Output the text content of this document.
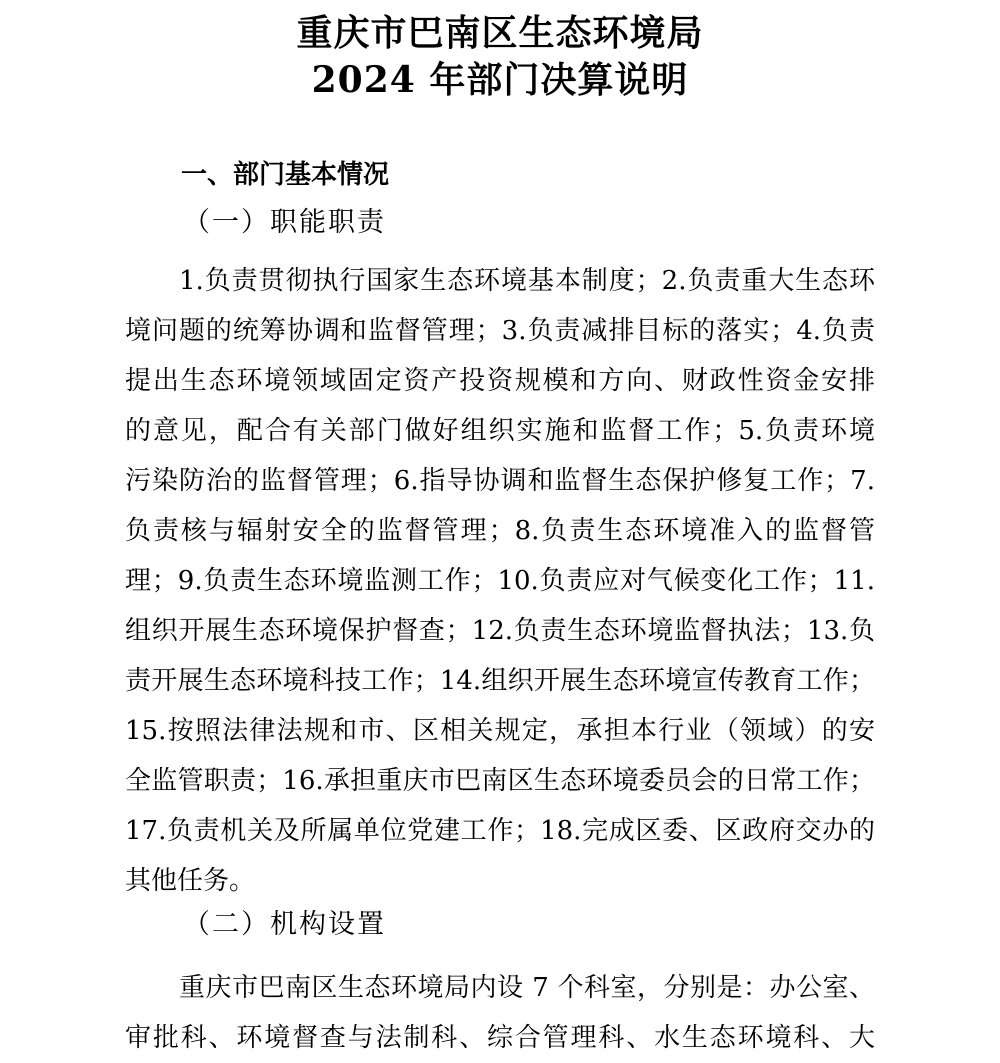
重庆市巴南区生态环境局
2024 年部门决算说明
一、部门基本情况
（一）职能职责
1.负责贯彻执行国家生态环境基本制度；2.负责重大生态环
境问题的统筹协调和监督管理；3.负责减排目标的落实；4.负责
提出生态环境领域固定资产投资规模和方向、财政性资金安排
的意见，配合有关部门做好组织实施和监督工作；5.负责环境
污染防治的监督管理；6.指导协调和监督生态保护修复工作；7.
负责核与辐射安全的监督管理；8.负责生态环境准入的监督管
理；9.负责生态环境监测工作；10.负责应对气候变化工作；11.
组织开展生态环境保护督查；12.负责生态环境监督执法；13.负
责开展生态环境科技工作；14.组织开展生态环境宣传教育工作；
15.按照法律法规和市、区相关规定，承担本行业（领域）的安
全监管职责；16.承担重庆市巴南区生态环境委员会的日常工作；
17.负责机关及所属单位党建工作；18.完成区委、区政府交办的
其他任务。
（二）机构设置
重庆市巴南区生态环境局内设 7 个科室，分别是：办公室、
审批科、环境督查与法制科、综合管理科、水生态环境科、大
